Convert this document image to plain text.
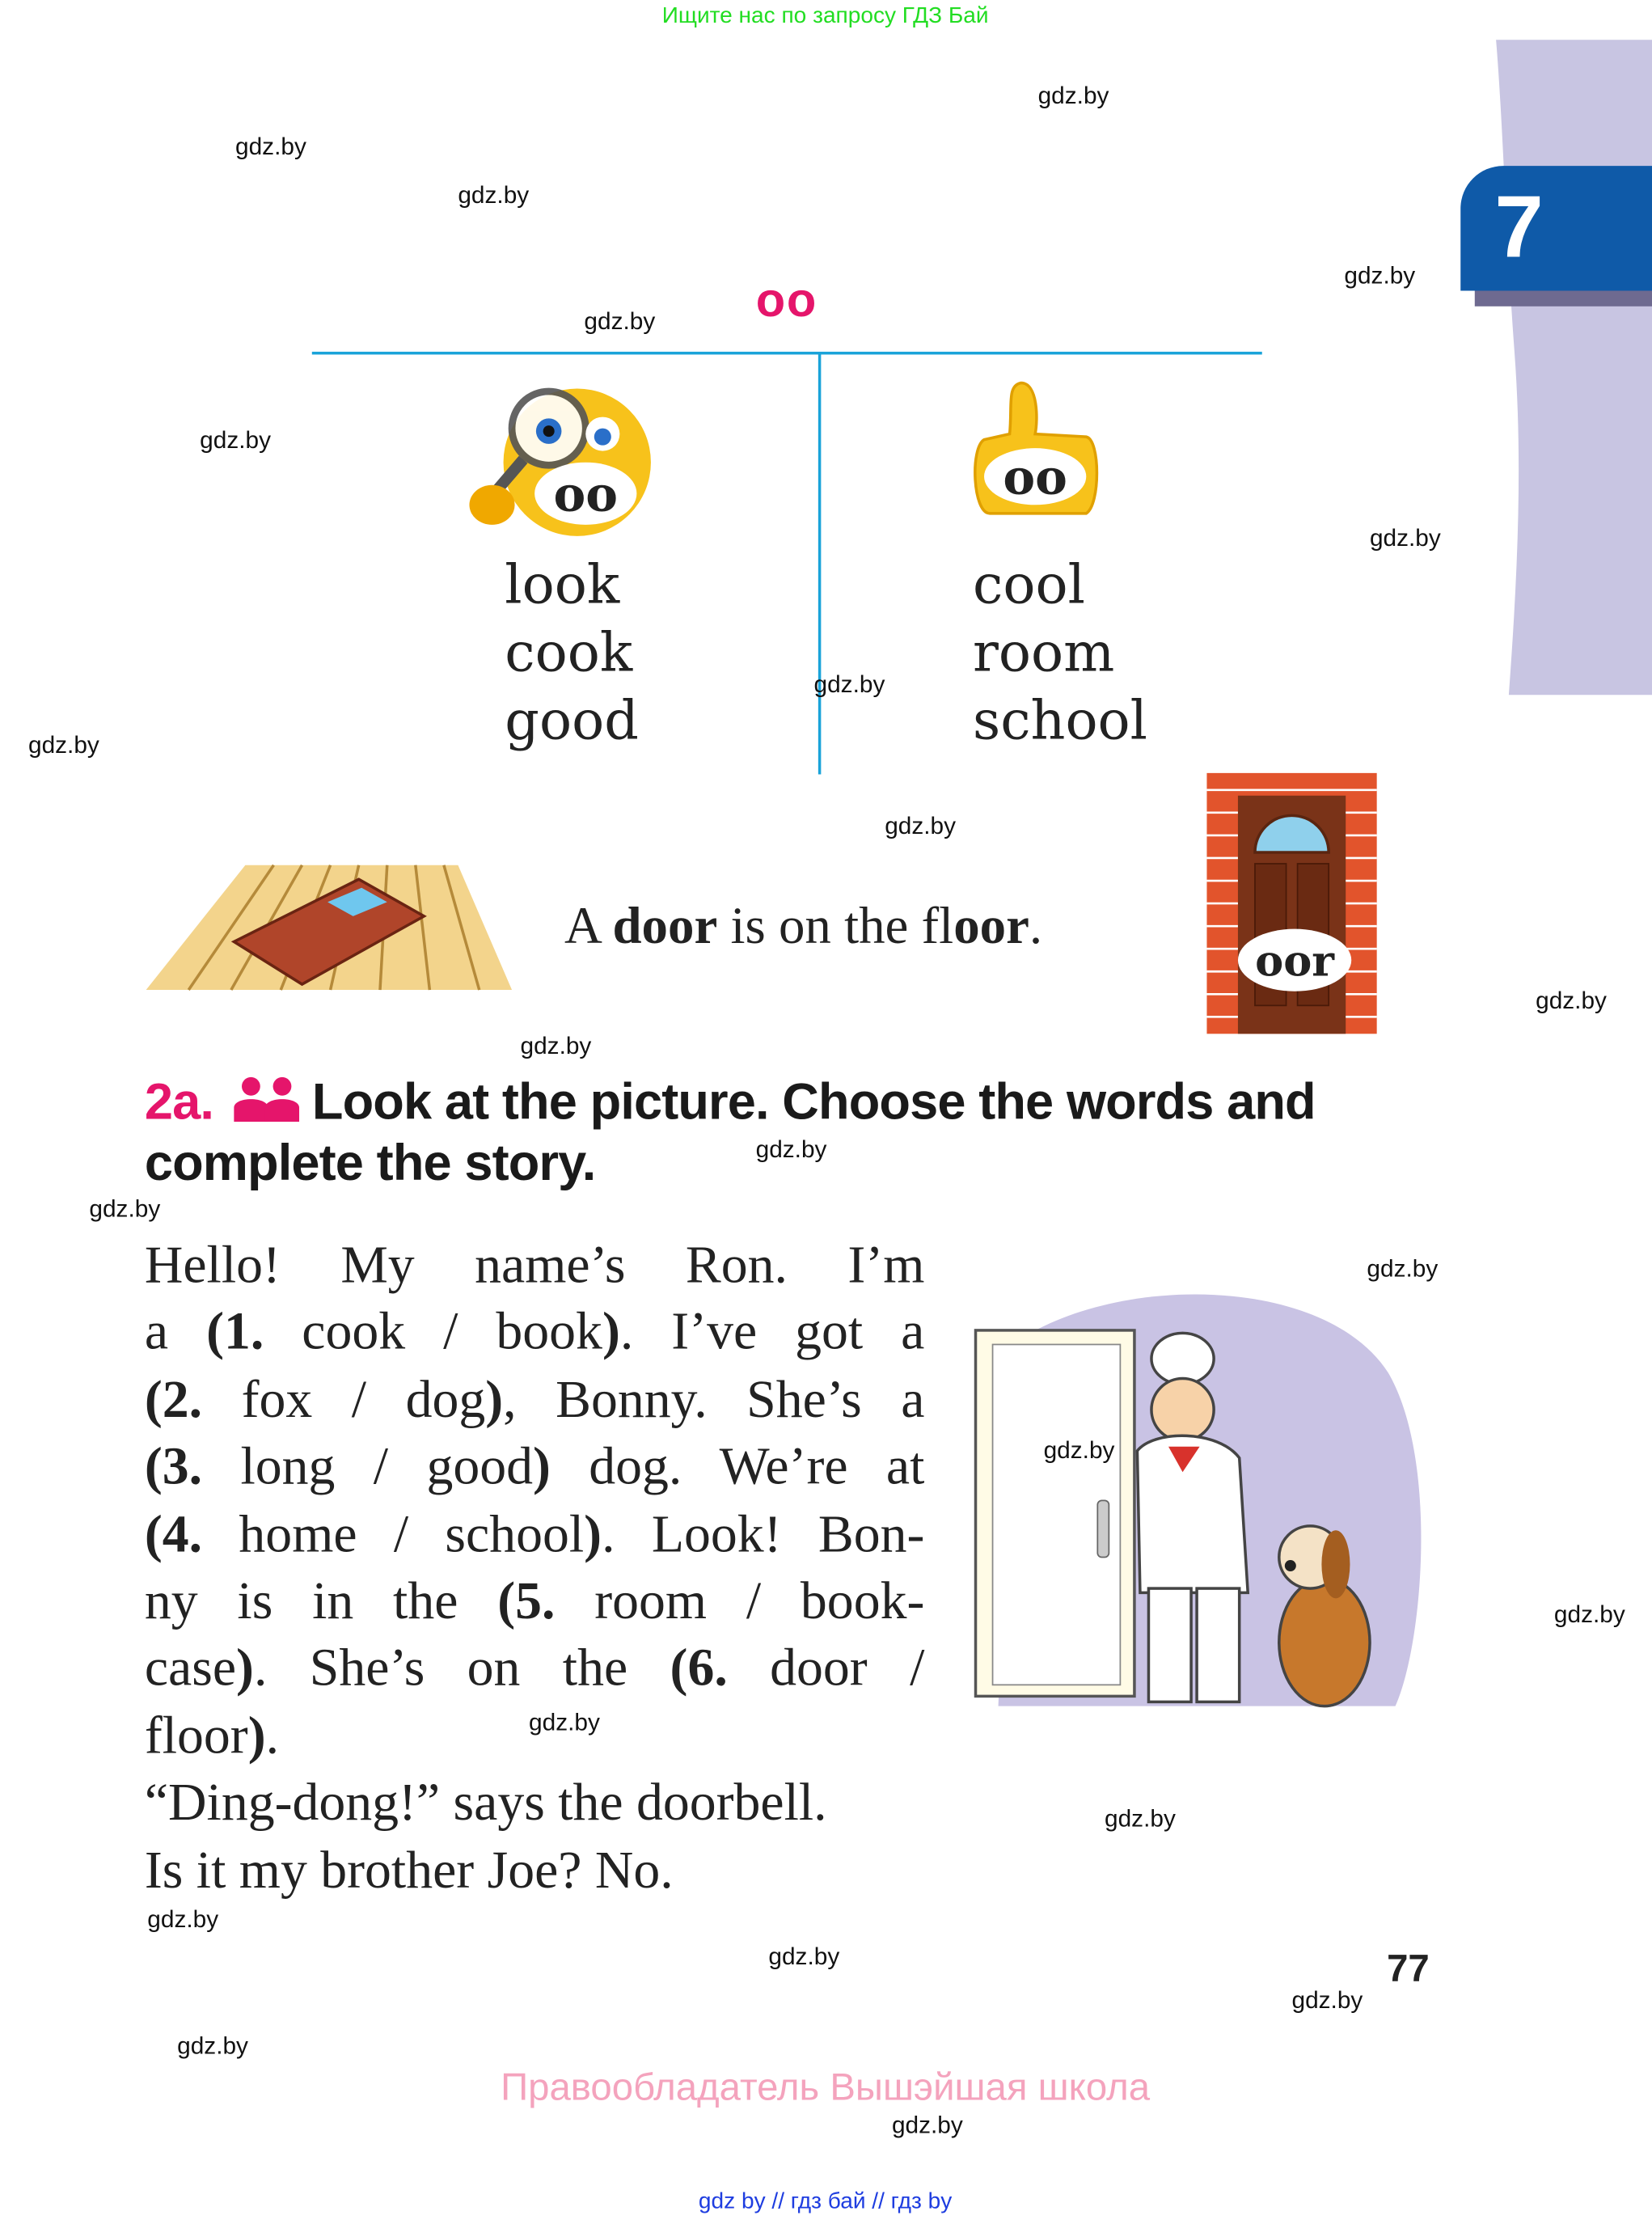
Ищите нас по запросу ГДЗ Бай
7
oo
oo	oo
look
cook
good
cool
room
school
A door is on the floor.
oor
2a.	Look at the picture. Choose the words and
complete the story.
Hello! My name’s Ron. I’m
a (1. cook / book). I’ve got a
(2. fox / dog), Bonny. She’s a
(3. long / good) dog. We’re at
(4. home / school). Look! Bon-
ny is in the (5. room / book-
case). She’s on the (6. door /
floor).
“Ding-dong!” says the doorbell.
Is it my brother Joe? No.
77
Правообладатель Вышэйшая школа
gdz by // гдз бай // гдз by
gdz.by
gdz.by
gdz.by
gdz.by
gdz.by
gdz.by
gdz.by
gdz.by
gdz.by
gdz.by
gdz.by
gdz.by
gdz.by
gdz.by
gdz.by
gdz.by
gdz.by
gdz.by
gdz.by
gdz.by
gdz.by
gdz.by
gdz.by
gdz.by
